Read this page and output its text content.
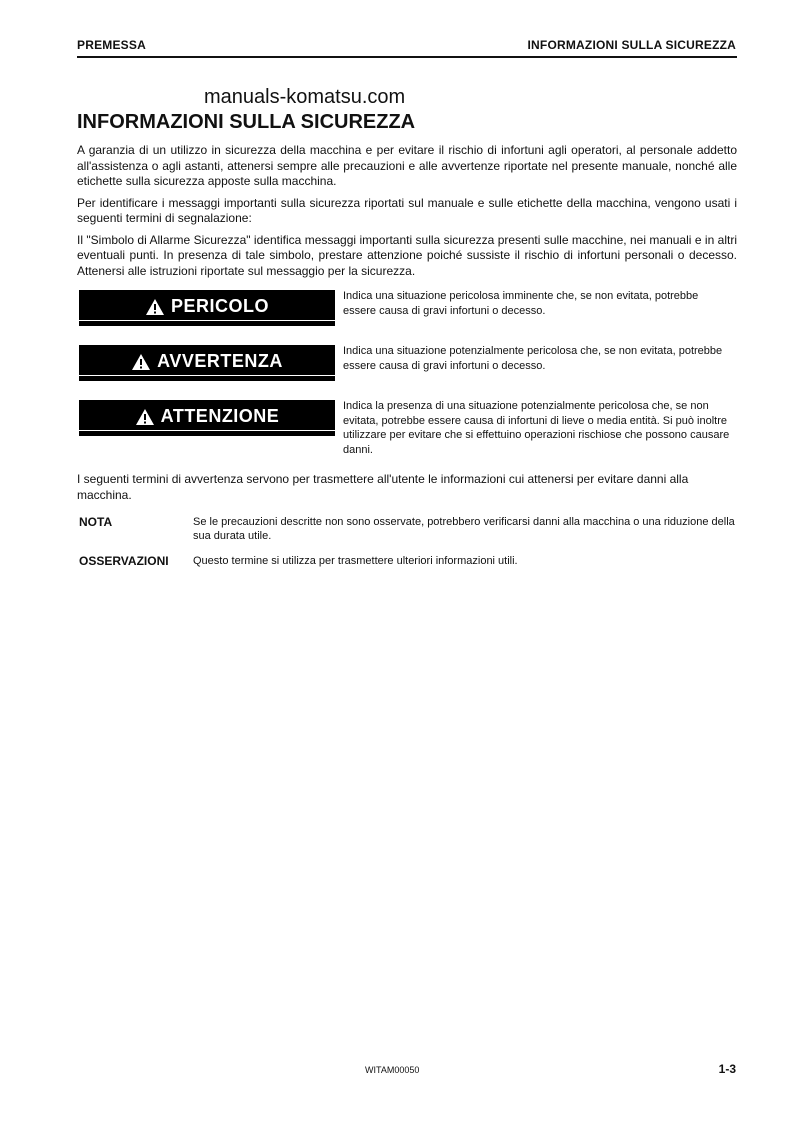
PREMESSA	INFORMAZIONI SULLA SICUREZZA
manuals-komatsu.com
INFORMAZIONI SULLA SICUREZZA

A garanzia di un utilizzo in sicurezza della macchina e per evitare il rischio di infortuni agli operatori, al personale addetto all'assistenza o agli astanti, attenersi sempre alle precauzioni e alle avvertenze riportate nel presente manuale, nonché alle etichette sulla sicurezza apposte sulla macchina.

Per identificare i messaggi importanti sulla sicurezza riportati sul manuale e sulle etichette della macchina, vengono usati i seguenti termini di segnalazione:

Il "Simbolo di Allarme Sicurezza" identifica messaggi importanti sulla sicurezza presenti sulle macchine, nei manuali e in altri eventuali punti. In presenza di tale simbolo, prestare attenzione poiché sussiste il rischio di infortuni personali o decesso. Attenersi alle istruzioni riportate sul messaggio per la sicurezza.

PERICOLO	Indica una situazione pericolosa imminente che, se non evitata, potrebbe essere causa di gravi infortuni o decesso.
AVVERTENZA	Indica una situazione potenzialmente pericolosa che, se non evitata, potrebbe essere causa di gravi infortuni o decesso.
ATTENZIONE	Indica la presenza di una situazione potenzialmente pericolosa che, se non evitata, potrebbe essere causa di infortuni di lieve o media entità. Si può inoltre utilizzare per evitare che si effettuino operazioni rischiose che possono causare danni.

I seguenti termini di avvertenza servono per trasmettere all'utente le informazioni cui attenersi per evitare danni alla macchina.

NOTA	Se le precauzioni descritte non sono osservate, potrebbero verificarsi danni alla macchina o una riduzione della sua durata utile.
OSSERVAZIONI Questo termine si utilizza per trasmettere ulteriori informazioni utili.
WITAM00050	1-3
